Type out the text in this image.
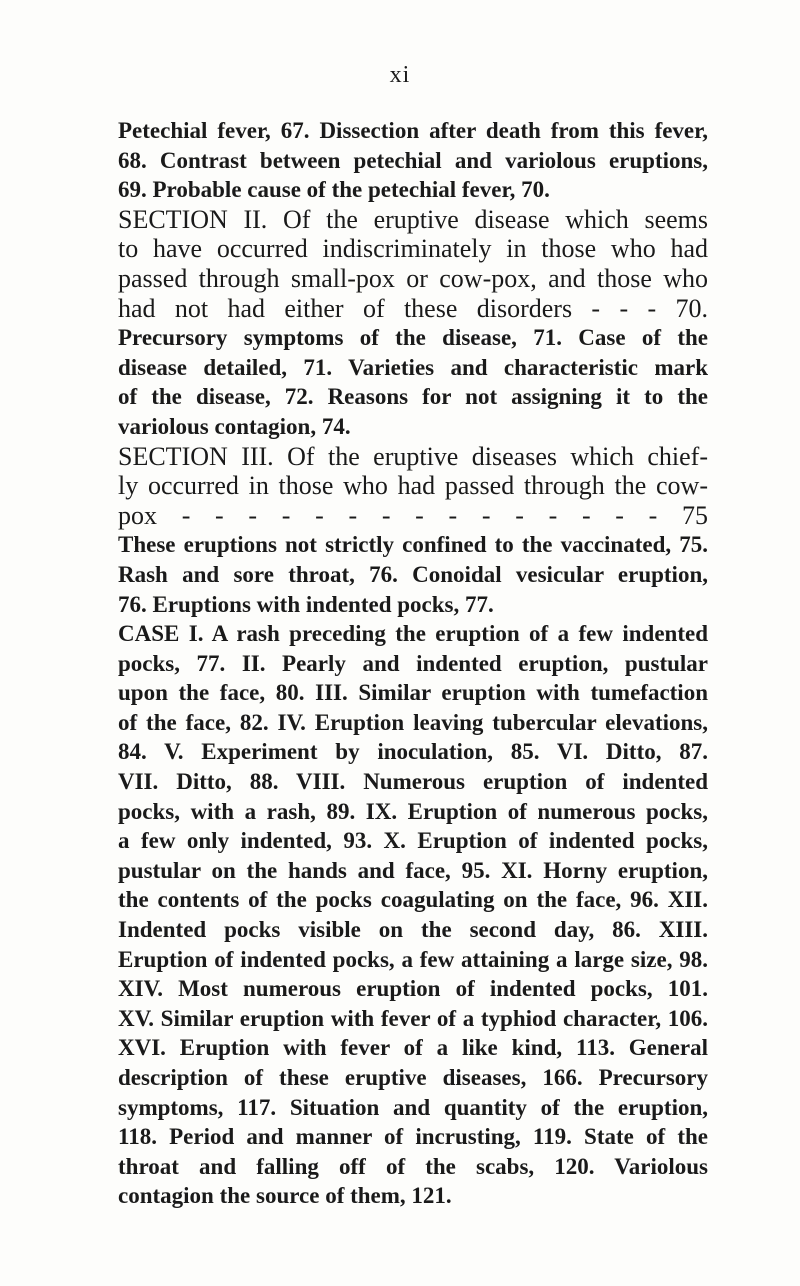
xi
Petechial fever, 67. Dissection after death from this fever,
68. Contrast between petechial and variolous eruptions,
69. Probable cause of the petechial fever, 70.
SECTION II. Of the eruptive disease which seems
to have occurred indiscriminately in those who had
passed through small-pox or cow-pox, and those who
had not had either of these disorders - - - 70.
Precursory symptoms of the disease, 71. Case of the
disease detailed, 71. Varieties and characteristic mark
of the disease, 72. Reasons for not assigning it to the
variolous contagion, 74.
SECTION III. Of the eruptive diseases which chief-
ly occurred in those who had passed through the cow-
pox - - - - - - - - - - - - - - - 75
These eruptions not strictly confined to the vaccinated, 75.
Rash and sore throat, 76. Conoidal vesicular eruption,
76. Eruptions with indented pocks, 77.
CASE I. A rash preceding the eruption of a few indented
pocks, 77. II. Pearly and indented eruption, pustular
upon the face, 80. III. Similar eruption with tumefaction
of the face, 82. IV. Eruption leaving tubercular elevations,
84. V. Experiment by inoculation, 85. VI. Ditto, 87.
VII. Ditto, 88. VIII. Numerous eruption of indented
pocks, with a rash, 89. IX. Eruption of numerous pocks,
a few only indented, 93. X. Eruption of indented pocks,
pustular on the hands and face, 95. XI. Horny eruption,
the contents of the pocks coagulating on the face, 96. XII.
Indented pocks visible on the second day, 86. XIII.
Eruption of indented pocks, a few attaining a large size, 98.
XIV. Most numerous eruption of indented pocks, 101.
XV. Similar eruption with fever of a typhiod character, 106.
XVI. Eruption with fever of a like kind, 113. General
description of these eruptive diseases, 166. Precursory
symptoms, 117. Situation and quantity of the eruption,
118. Period and manner of incrusting, 119. State of the
throat and falling off of the scabs, 120. Variolous
contagion the source of them, 121.
